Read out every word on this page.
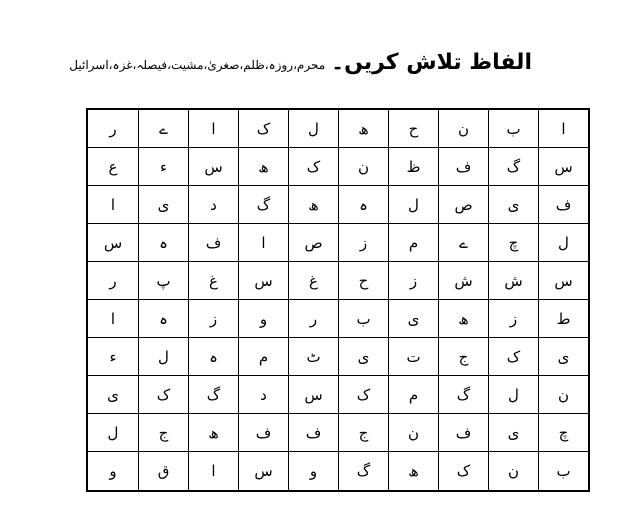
الفاظ تلاش کریں۔
محرم،روزہ،ظلم،صغریٰ،مشیت،فیصلہ،غزہ،اسرائیل
ا
ب
ن
ح
ھ
ل
ک
ا
ے
ر
س
گ
ف
ظ
ن
ک
ھ
س
ء
ع
ف
ی
ص
ل
ہ
ھ
گ
د
ی
ا
ل
چ
ے
م
ز
ص
ا
ف
ہ
س
س
ش
ش
ز
ح
غ
س
غ
پ
ر
ط
ز
ھ
ی
ب
ر
و
ز
ہ
ا
ی
ک
ج
ت
ی
ٹ
م
ہ
ل
ء
ن
ل
گ
م
ک
س
د
گ
ک
ی
چ
ی
ف
ن
ج
ف
ف
ھ
ج
ل
ب
ن
ک
ھ
گ
و
س
ا
ق
و
